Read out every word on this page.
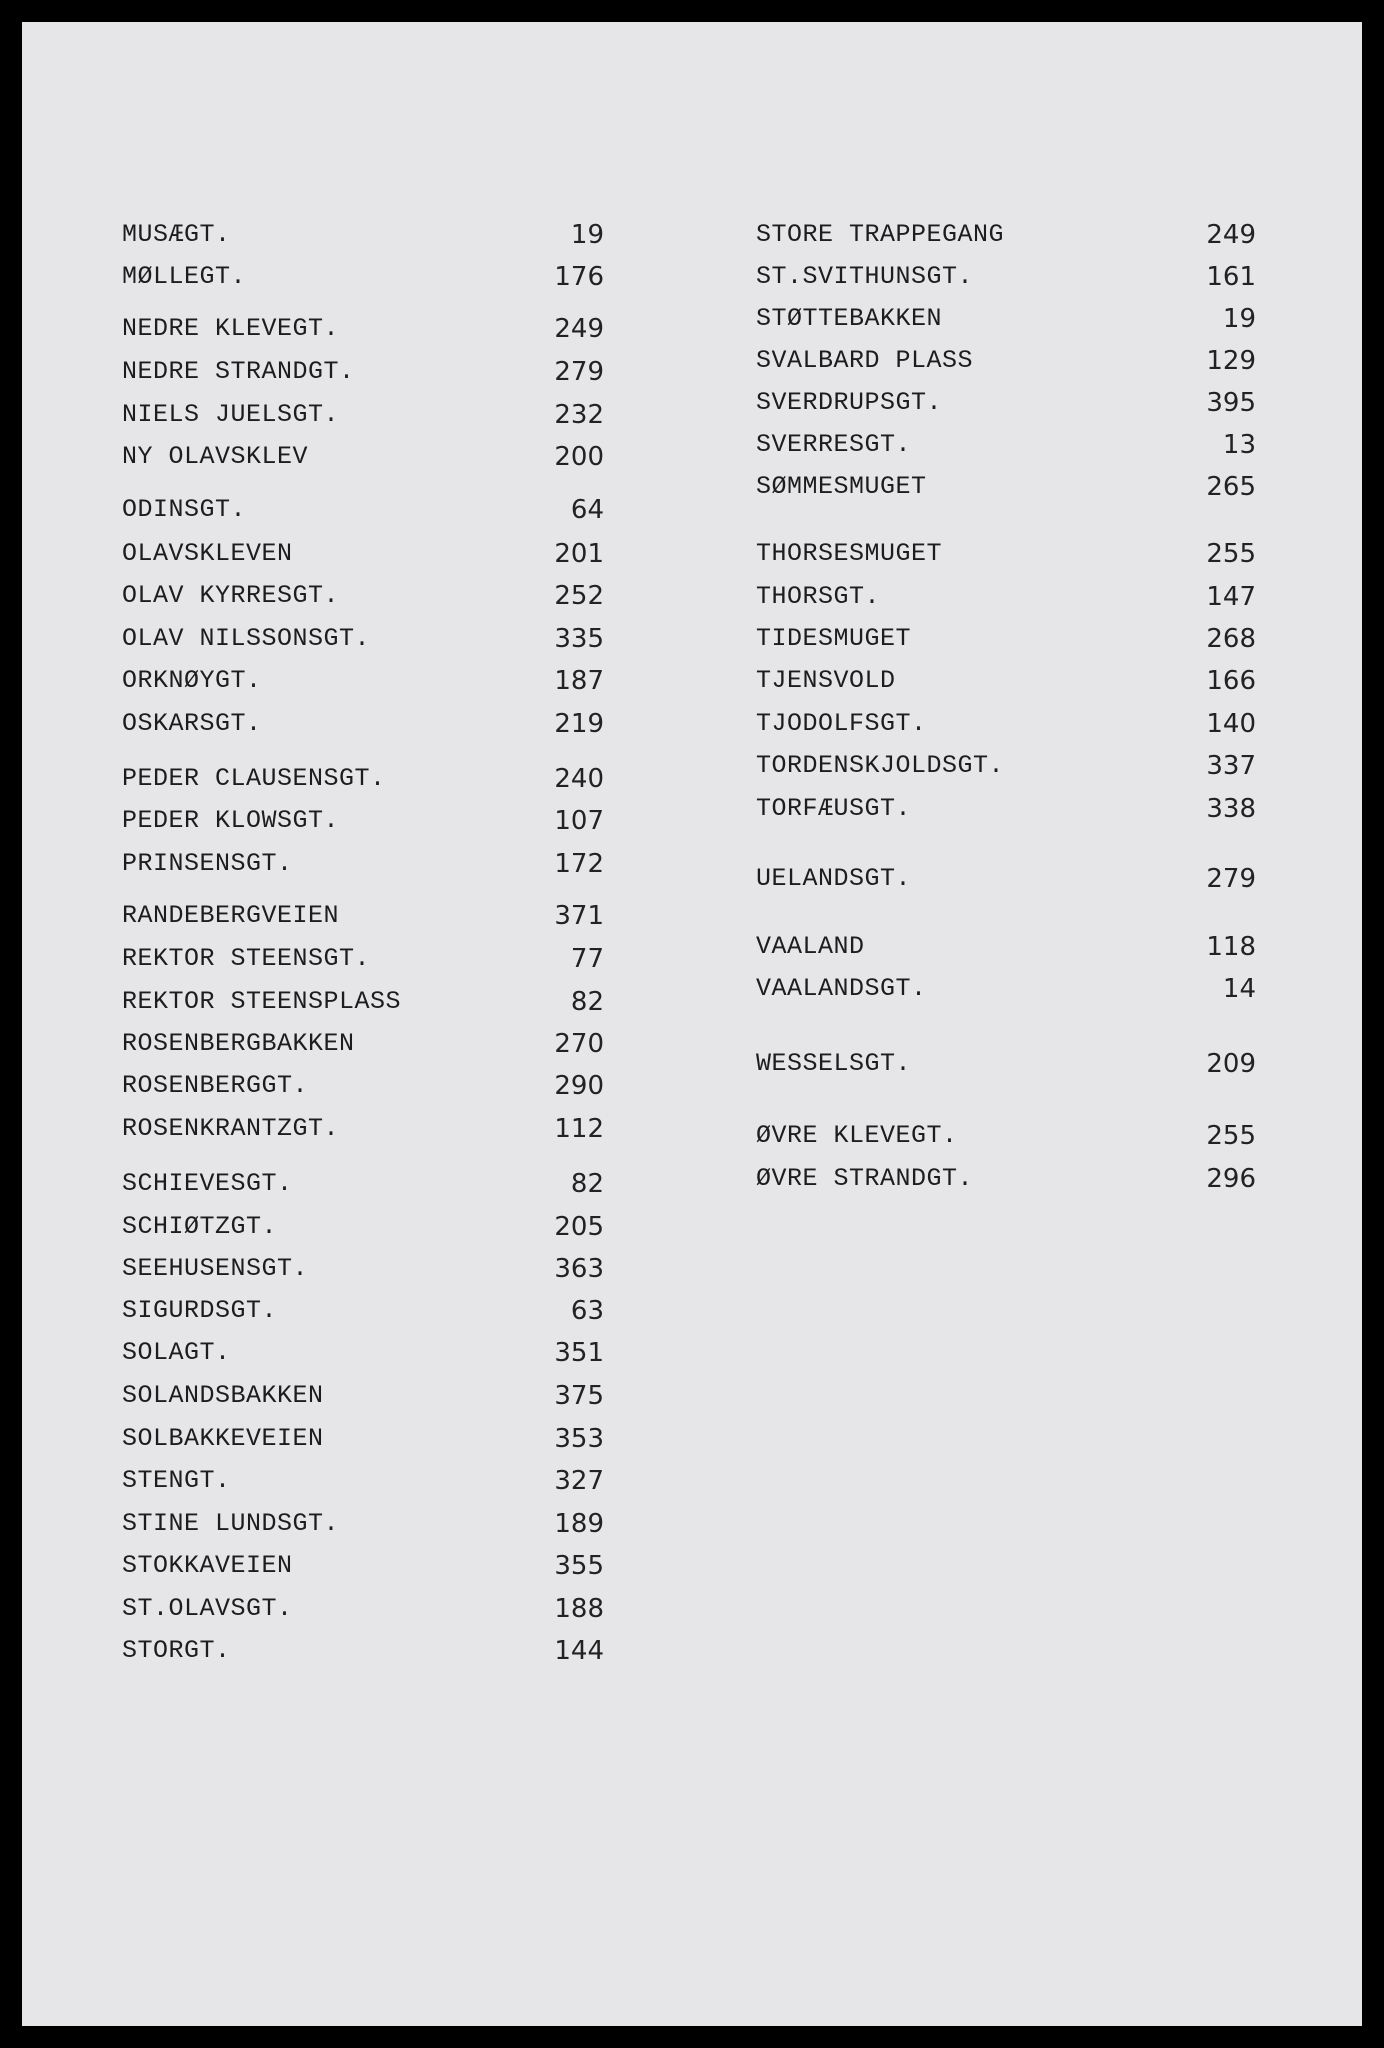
MUSÆGT.	19
MØLLEGT.	176
NEDRE KLEVEGT.	249
NEDRE STRANDGT.	279
NIELS JUELSGT.	232
NY OLAVSKLEV	200
ODINSGT.	64
OLAVSKLEVEN	201
OLAV KYRRESGT.	252
OLAV NILSSONSGT.	335
ORKNØYGT.	187
OSKARSGT.	219
PEDER CLAUSENSGT.	240
PEDER KLOWSGT.	107
PRINSENSGT.	172
RANDEBERGVEIEN	371
REKTOR STEENSGT.	77
REKTOR STEENSPLASS	82
ROSENBERGBAKKEN	270
ROSENBERGGT.	290
ROSENKRANTZGT.	112
SCHIEVESGT.	82
SCHIØTZGT.	205
SEEHUSENSGT.	363
SIGURDSGT.	63
SOLAGT.	351
SOLANDSBAKKEN	375
SOLBAKKEVEIEN	353
STENGT.	327
STINE LUNDSGT.	189
STOKKAVEIEN	355
ST.OLAVSGT.	188
STORGT.	144
STORE TRAPPEGANG	249
ST.SVITHUNSGT.	161
STØTTEBAKKEN	19
SVALBARD PLASS	129
SVERDRUPSGT.	395
SVERRESGT.	13
SØMMESMUGET	265
THORSESMUGET	255
THORSGT.	147
TIDESMUGET	268
TJENSVOLD	166
TJODOLFSGT.	140
TORDENSKJOLDSGT.	337
TORFÆUSGT.	338
UELANDSGT.	279
VAALAND	118
VAALANDSGT.	14
WESSELSGT.	209
ØVRE KLEVEGT.	255
ØVRE STRANDGT.	296
